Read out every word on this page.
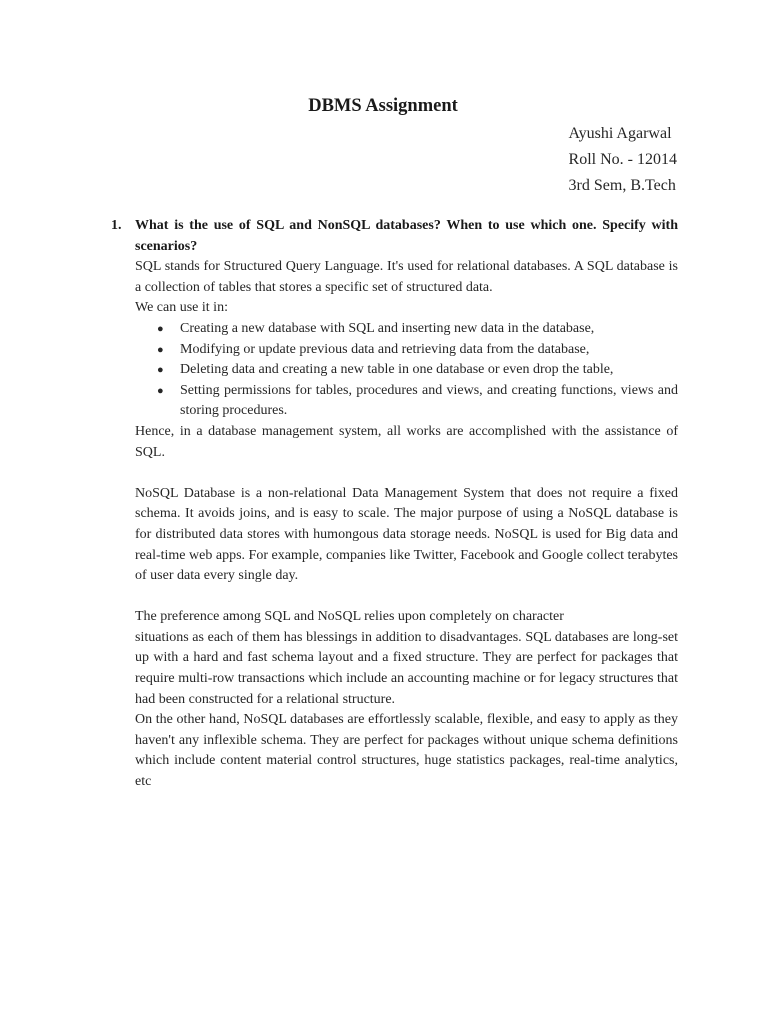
DBMS Assignment
Ayushi Agarwal
Roll No. - 12014
3rd Sem, B.Tech
1. What is the use of SQL and NonSQL databases? When to use which one. Specify with scenarios?

SQL stands for Structured Query Language. It's used for relational databases. A SQL database is a collection of tables that stores a specific set of structured data.

We can use it in:

● Creating a new database with SQL and inserting new data in the database,
● Modifying or update previous data and retrieving data from the database,
● Deleting data and creating a new table in one database or even drop the table,
● Setting permissions for tables, procedures and views, and creating functions, views and storing procedures.

Hence, in a database management system, all works are accomplished with the assistance of SQL.

NoSQL Database is a non-relational Data Management System that does not require a fixed schema. It avoids joins, and is easy to scale. The major purpose of using a NoSQL database is for distributed data stores with humongous data storage needs. NoSQL is used for Big data and real-time web apps. For example, companies like Twitter, Facebook and Google collect terabytes of user data every single day.

The preference among SQL and NoSQL relies upon completely on character
situations as each of them has blessings in addition to disadvantages. SQL databases are long-set up with a hard and fast schema layout and a fixed structure. They are perfect for packages that require multi-row transactions which include an accounting machine or for legacy structures that had been constructed for a relational structure.

On the other hand, NoSQL databases are effortlessly scalable, flexible, and easy to apply as they haven't any inflexible schema. They are perfect for packages without unique schema definitions which include content material control structures, huge statistics packages, real-time analytics, etc
